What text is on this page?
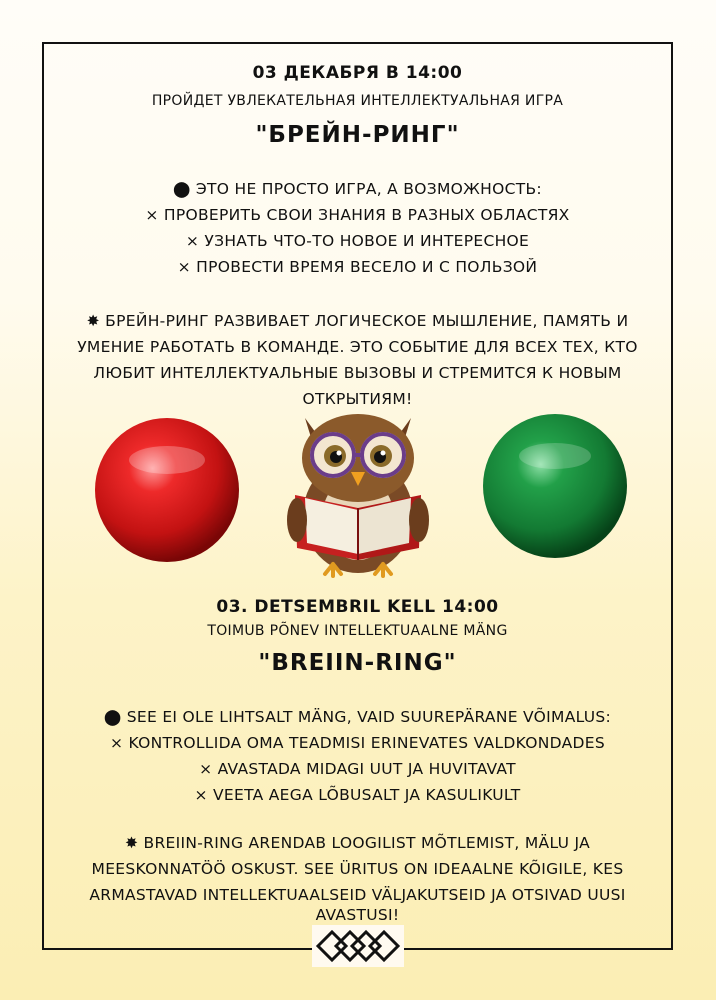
03 ДЕКАБРЯ В 14:00
ПРОЙДЕТ УВЛЕКАТЕЛЬНАЯ ИНТЕЛЛЕКТУАЛЬНАЯ ИГРА
"БРЕЙН-РИНГ"
⬤ ЭТО НЕ ПРОСТО ИГРА, А ВОЗМОЖНОСТЬ:
× ПРОВЕРИТЬ СВОИ ЗНАНИЯ В РАЗНЫХ ОБЛАСТЯХ
× УЗНАТЬ ЧТО-ТО НОВОЕ И ИНТЕРЕСНОЕ
× ПРОВЕСТИ ВРЕМЯ ВЕСЕЛО И С ПОЛЬЗОЙ
✸ БРЕЙН-РИНГ РАЗВИВАЕТ ЛОГИЧЕСКОЕ МЫШЛЕНИЕ, ПАМЯТЬ И
УМЕНИЕ РАБОТАТЬ В КОМАНДЕ. ЭТО СОБЫТИЕ ДЛЯ ВСЕХ ТЕХ, КТО
ЛЮБИТ ИНТЕЛЛЕКТУАЛЬНЫЕ ВЫЗОВЫ И СТРЕМИТСЯ К НОВЫМ
ОТКРЫТИЯМ!
03. DETSEMBRIL KELL 14:00
TOIMUB PÕNEV INTELLEKTUAALNE MÄNG
"BREIIN-RING"
⬤ SEE EI OLE LIHTSALT MÄNG, VAID SUUREPÄRANE VÕIMALUS:
× KONTROLLIDA OMA TEADMISI ERINEVATES VALDKONDADES
× AVASTADA MIDAGI UUT JA HUVITAVAT
× VEETA AEGA LÕBUSALT JA KASULIKULT
✸ BREIIN-RING ARENDAB LOOGILIST MÕTLEMIST, MÄLU JA
MEESKONNATÖÖ OSKUST. SEE ÜRITUS ON IDEAALNE KÕIGILE, KES
ARMASTAVAD INTELLEKTUAALSEID VÄLJAKUTSEID JA OTSIVAD UUSI
AVASTUSI!
